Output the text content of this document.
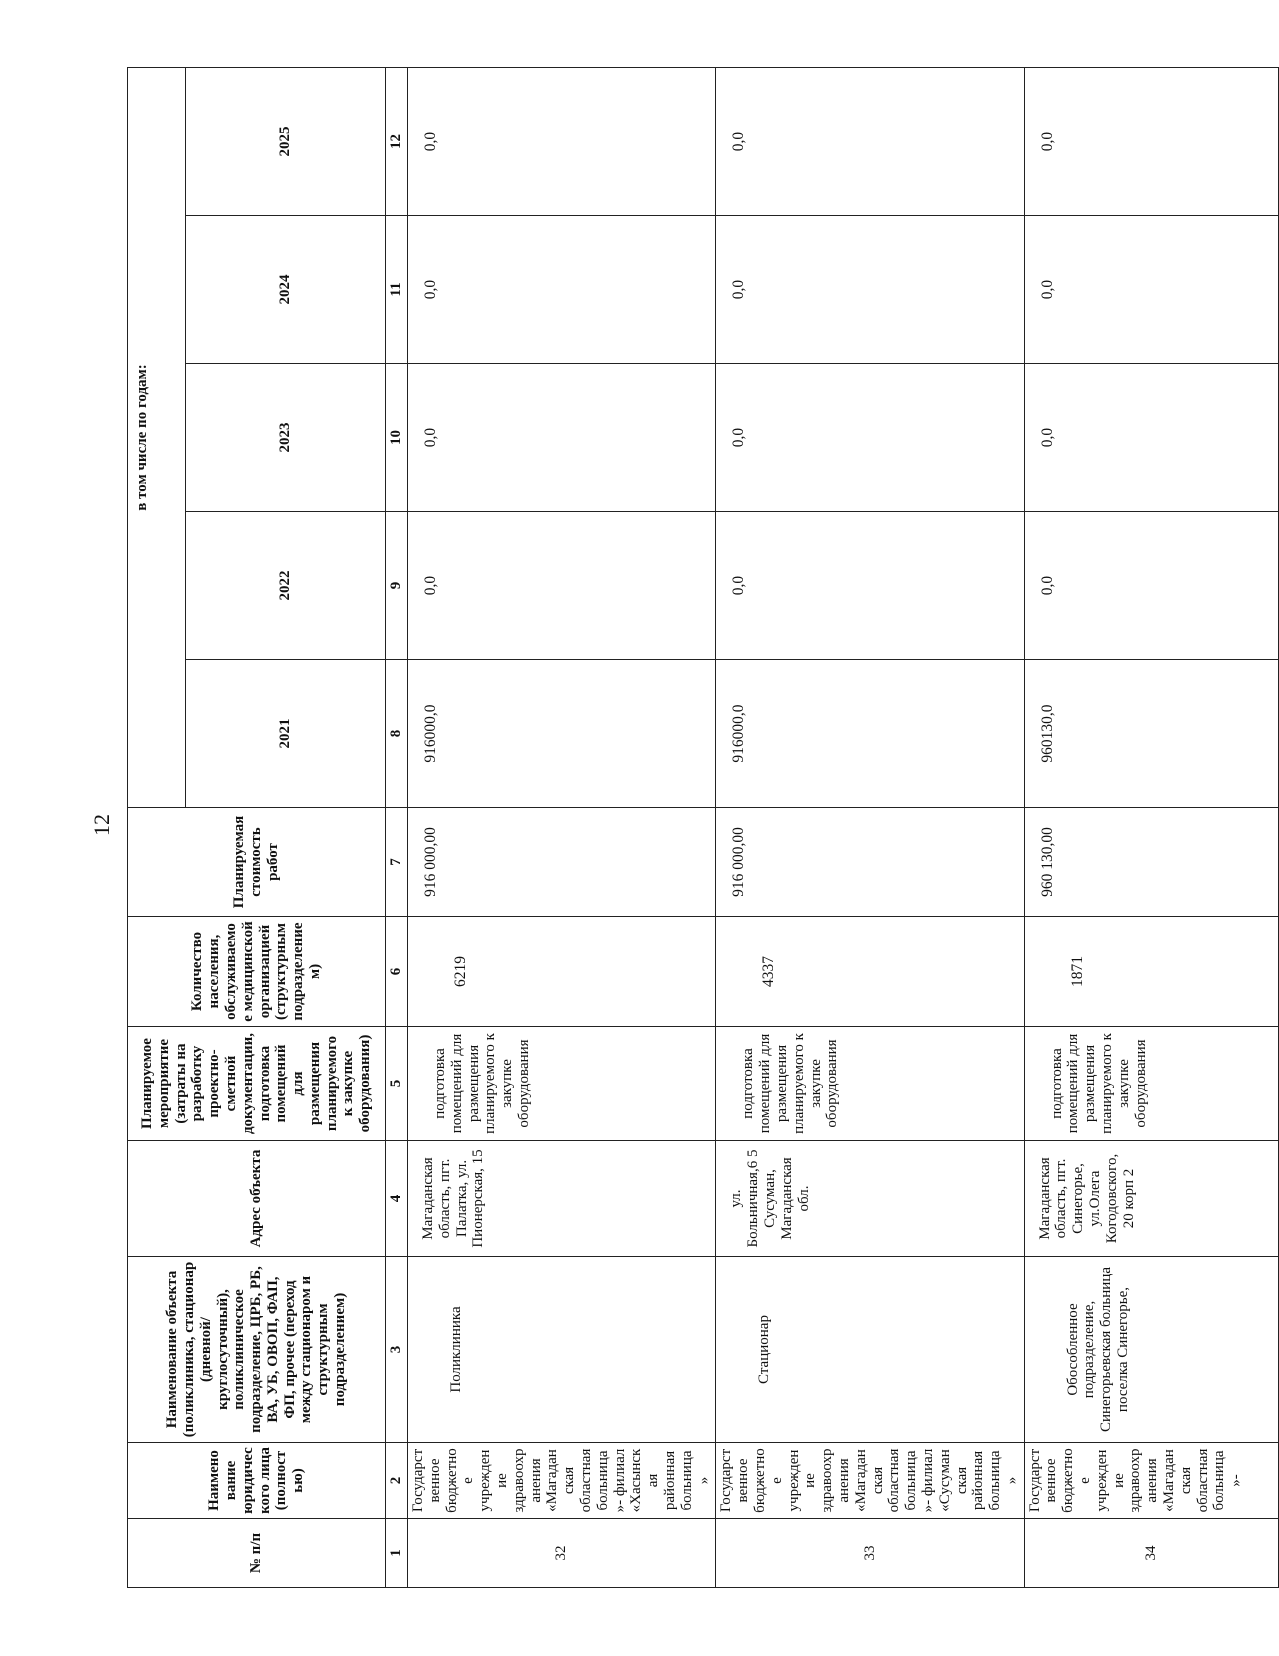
12
№ п/п	Наименование юридического лица (полностью)	Наименование объекта (поликлиника, стационар (дневной/круглосуточный), поликлиническое подразделение, ЦРБ, РБ, ВА, УБ, ОВОП, ФАП, ФП, прочее (переход между стационаром и структурным подразделением)	Адрес объекта	Планируемое мероприятие (затраты на разработку проектно-сметной документации, подготовка помещений для размещения планируемого к закупке оборудования)	Количество населения, обслуживаемое медицинской организацией (структурным подразделением)	Планируемая стоимость работ	в том числе по годам:				
							2021	2022	2023	2024	2025
1	2	3	4	5	6	7	8	9	10	11	12
32	Государственное бюджетное учреждение здравоохранения «Магаданская областная больница»- филиал «Хасынская районная больница»	Поликлиника	Магаданская область, пгт. Палатка, ул. Пионерская, 15	подготовка помещений для размещения планируемого к закупке оборудования	6219	916 000,00	916000,0	0,0	0,0	0,0	0,0
33	Государственное бюджетное учреждение здравоохранения «Магаданская областная больница»- филиал «Сусуманская районная больница»	Стационар	ул. Больничная,6 5 Сусуман, Магаданская обл.	подготовка помещений для размещения планируемого к закупке оборудования	4337	916 000,00	916000,0	0,0	0,0	0,0	0,0
34	Государственное бюджетное учреждение здравоохранения «Магаданская областная больница»-	Обособленное подразделение, Синегорьевская больница поселка Синегорье,	Магаданская область, пгт. Синегорье, ул.Олега Когодовского, 20 корп 2	подготовка помещений для размещения планируемого к закупке оборудования	1871	960 130,00	960130,0	0,0	0,0	0,0	0,0
